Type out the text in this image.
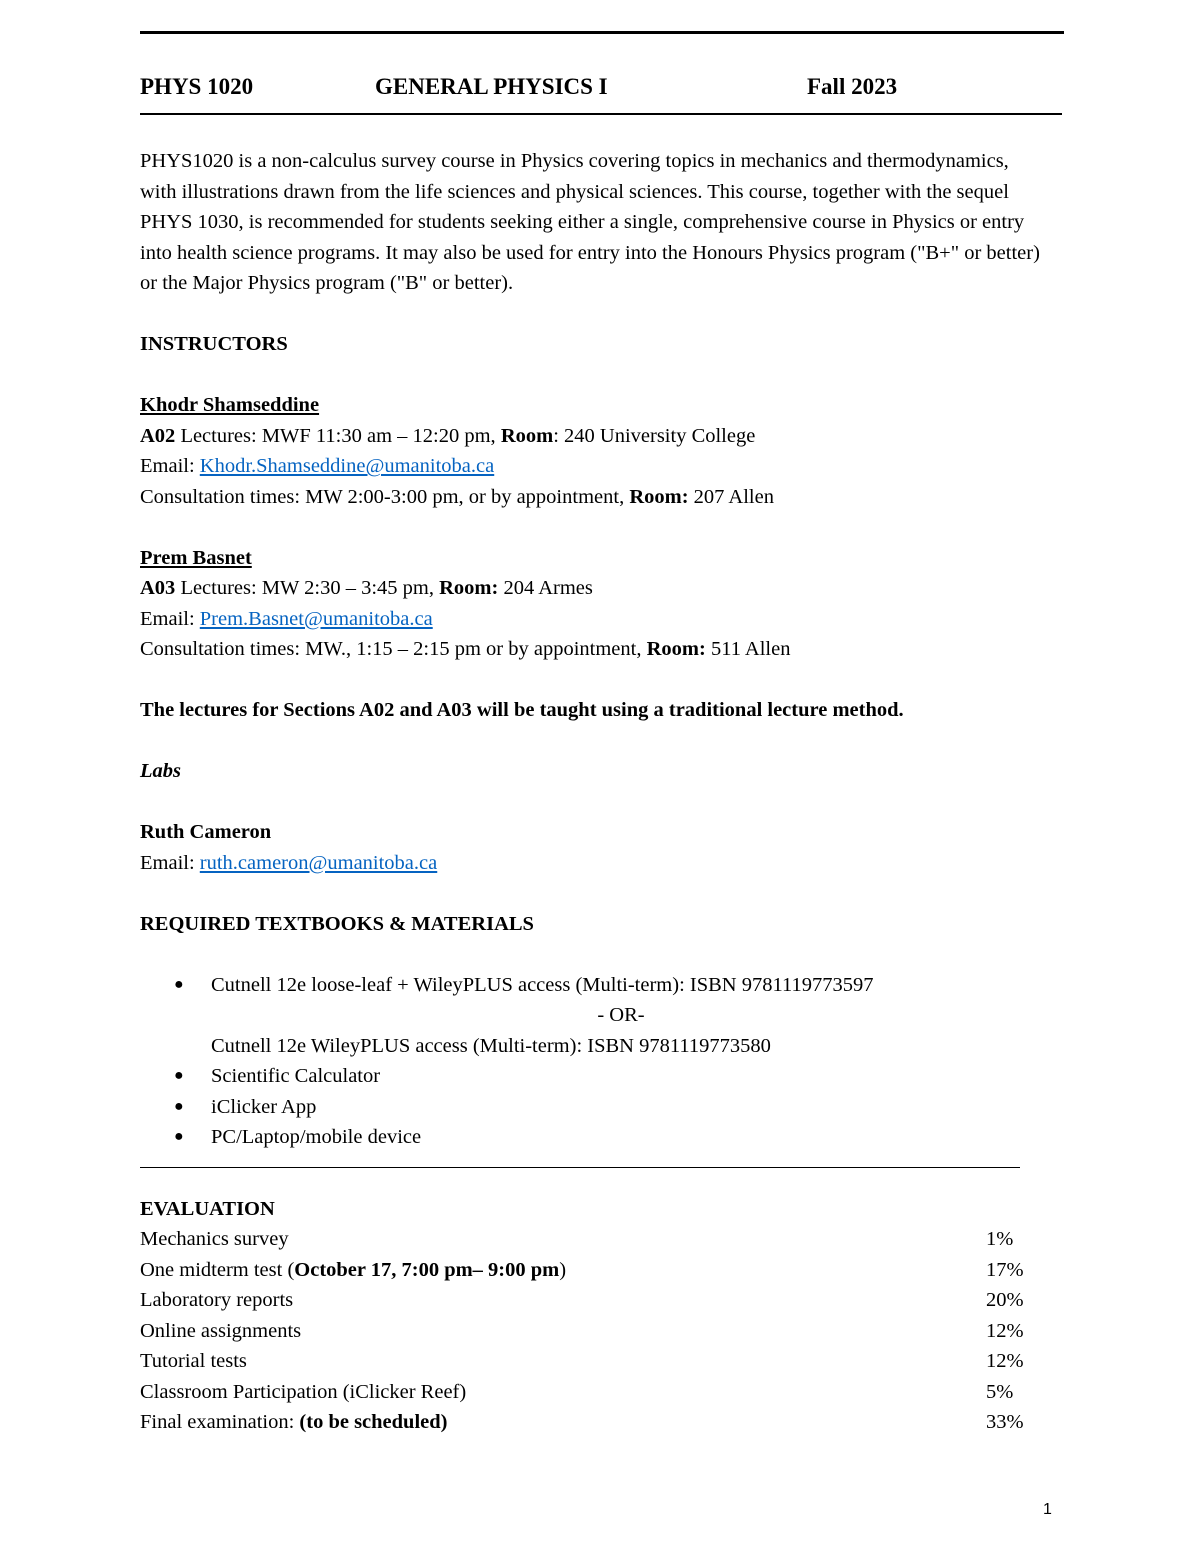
PHYS 1020	GENERAL PHYSICS I	Fall 2023

PHYS1020 is a non-calculus survey course in Physics covering topics in mechanics and thermodynamics, with illustrations drawn from the life sciences and physical sciences. This course, together with the sequel PHYS 1030, is recommended for students seeking either a single, comprehensive course in Physics or entry into health science programs. It may also be used for entry into the Honours Physics program ("B+" or better) or the Major Physics program ("B" or better).

INSTRUCTORS

Khodr Shamseddine

A02 Lectures: MWF 11:30 am – 12:20 pm, Room: 240 University College

Email: Khodr.Shamseddine@umanitoba.ca

Consultation times: MW 2:00-3:00 pm, or by appointment, Room: 207 Allen

Prem Basnet

A03 Lectures: MW 2:30 – 3:45 pm, Room: 204 Armes

Email: Prem.Basnet@umanitoba.ca

Consultation times: MW., 1:15 – 2:15 pm or by appointment, Room: 511 Allen

The lectures for Sections A02 and A03 will be taught using a traditional lecture method.

Labs

Ruth Cameron

Email: ruth.cameron@umanitoba.ca

REQUIRED TEXTBOOKS & MATERIALS

● Cutnell 12e loose-leaf + WileyPLUS access (Multi-term): ISBN 9781119773597

- OR-

Cutnell 12e WileyPLUS access (Multi-term): ISBN 9781119773580

● Scientific Calculator
● iClicker App
● PC/Laptop/mobile device

EVALUATION

Mechanics survey	1%
One midterm test (October 17, 7:00 pm– 9:00 pm)	17%
Laboratory reports	20%
Online assignments	12%
Tutorial tests	12%
Classroom Participation (iClicker Reef)	5%
Final examination: (to be scheduled)	33%
1
